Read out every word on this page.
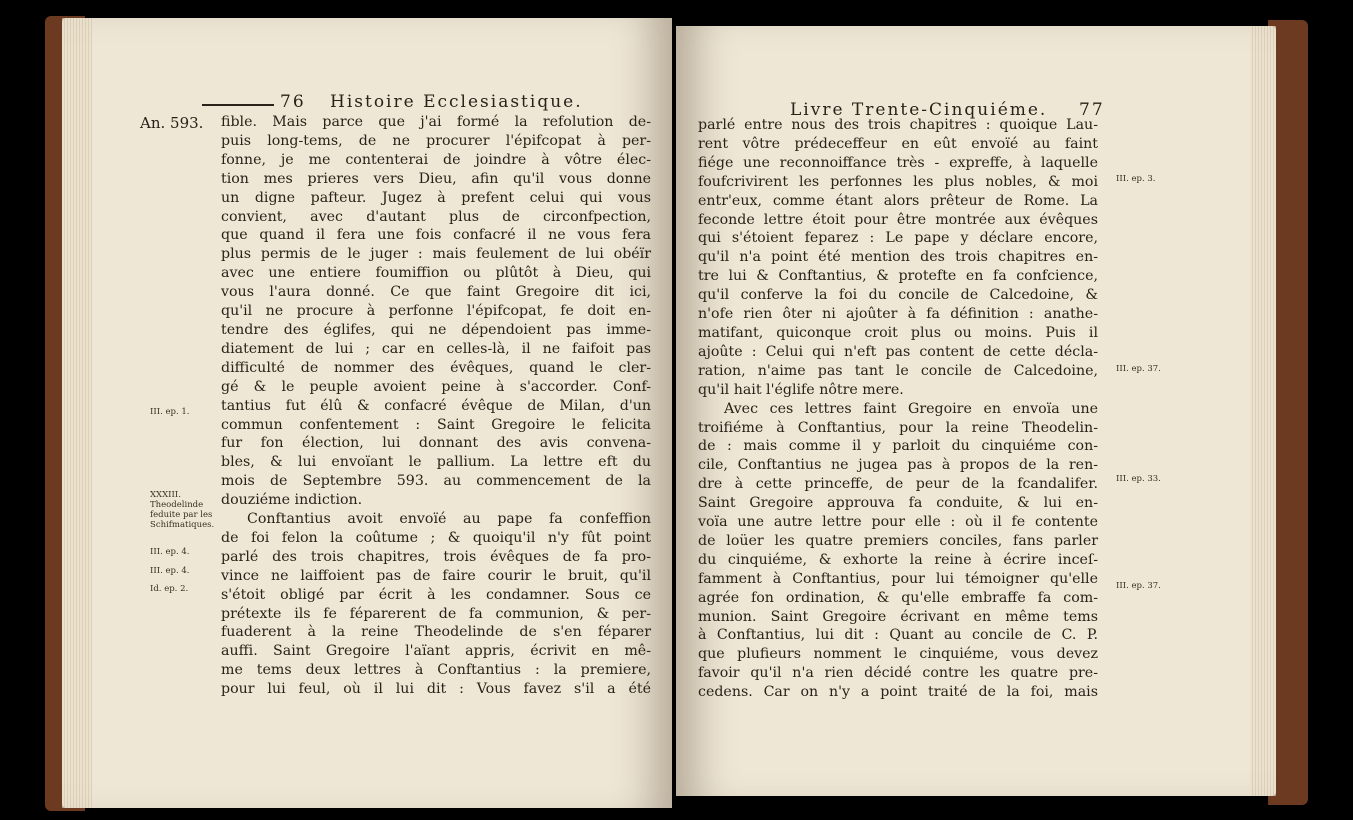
76 Histoire Ecclesiastique.
An. 593. fible. Mais parce que j'ai formé la refolution de-
puis long-tems, de ne procurer l'épifcopat à per-
fonne, je me contenterai de joindre à vôtre élec-
tion mes prieres vers Dieu, afin qu'il vous donne
un digne pafteur. Jugez à prefent celui qui vous
convient, avec d'autant plus de circonfpection,
que quand il fera une fois confacré il ne vous fera
plus permis de le juger : mais feulement de lui obéïr
avec une entiere foumiffion ou plûtôt à Dieu, qui
vous l'aura donné. Ce que faint Gregoire dit ici,
qu'il ne procure à perfonne l'épifcopat, fe doit en-
tendre des églifes, qui ne dépendoient pas imme-
diatement de lui ; car en celles-là, il ne faifoit pas
difficulté de nommer des évêques, quand le cler-
gé & le peuple avoient peine à s'accorder. Conf-
tantius fut élû & confacré évêque de Milan, d'un
commun confentement : Saint Gregoire le felicita
fur fon élection, lui donnant des avis convena-
bles, & lui envoïant le pallium. La lettre eft du
mois de Septembre 593. au commencement de la
douziéme indiction.
Conftantius avoit envoïé au pape fa confeffion
de foi felon la coûtume ; & quoiqu'il n'y fût point
parlé des trois chapitres, trois évêques de fa pro-
vince ne laiffoient pas de faire courir le bruit, qu'il
s'étoit obligé par écrit à les condamner. Sous ce
prétexte ils fe féparerent de fa communion, & per-
fuaderent à la reine Theodelinde de s'en féparer
auffi. Saint Gregoire l'aïant appris, écrivit en mê-
me tems deux lettres à Conftantius : la premiere,
pour lui feul, où il lui dit : Vous favez s'il a été
III. ep. 1.
XXXIII.
Theodelinde
feduite par les
Schifmatiques.
III. ep. 4.
III. ep. 4.
Id. ep. 2.
Livre Trente-Cinquiéme. 77
parlé entre nous des trois chapitres : quoique Lau-
rent vôtre prédeceffeur en eût envoïé au faint
fiége une reconnoiffance très - expreffe, à laquelle
foufcrivirent les perfonnes les plus nobles, & moi
entr'eux, comme étant alors prêteur de Rome. La
feconde lettre étoit pour être montrée aux évêques
qui s'étoient feparez : Le pape y déclare encore,
qu'il n'a point été mention des trois chapitres en-
tre lui & Conftantius, & protefte en fa confcience,
qu'il conferve la foi du concile de Calcedoine, &
n'ofe rien ôter ni ajoûter à fa définition : anathe-
matifant, quiconque croit plus ou moins. Puis il
ajoûte : Celui qui n'eft pas content de cette décla-
ration, n'aime pas tant le concile de Calcedoine,
qu'il hait l'églife nôtre mere.
Avec ces lettres faint Gregoire en envoïa une
troifiéme à Conftantius, pour la reine Theodelin-
de : mais comme il y parloit du cinquiéme con-
cile, Conftantius ne jugea pas à propos de la ren-
dre à cette princeffe, de peur de la fcandalifer.
Saint Gregoire approuva fa conduite, & lui en-
voïa une autre lettre pour elle : où il fe contente
de loüer les quatre premiers conciles, fans parler
du cinquiéme, & exhorte la reine à écrire inceſ-
famment à Conftantius, pour lui témoigner qu'elle
agrée fon ordination, & qu'elle embraffe fa com-
munion. Saint Gregoire écrivant en même tems
à Conftantius, lui dit : Quant au concile de C. P.
que plufieurs nomment le cinquiéme, vous devez
favoir qu'il n'a rien décidé contre les quatre pre-
cedens. Car on n'y a point traité de la foi, mais
III. ep. 3.
III. ep. 37.
III. ep. 33.
III. ep. 37.
